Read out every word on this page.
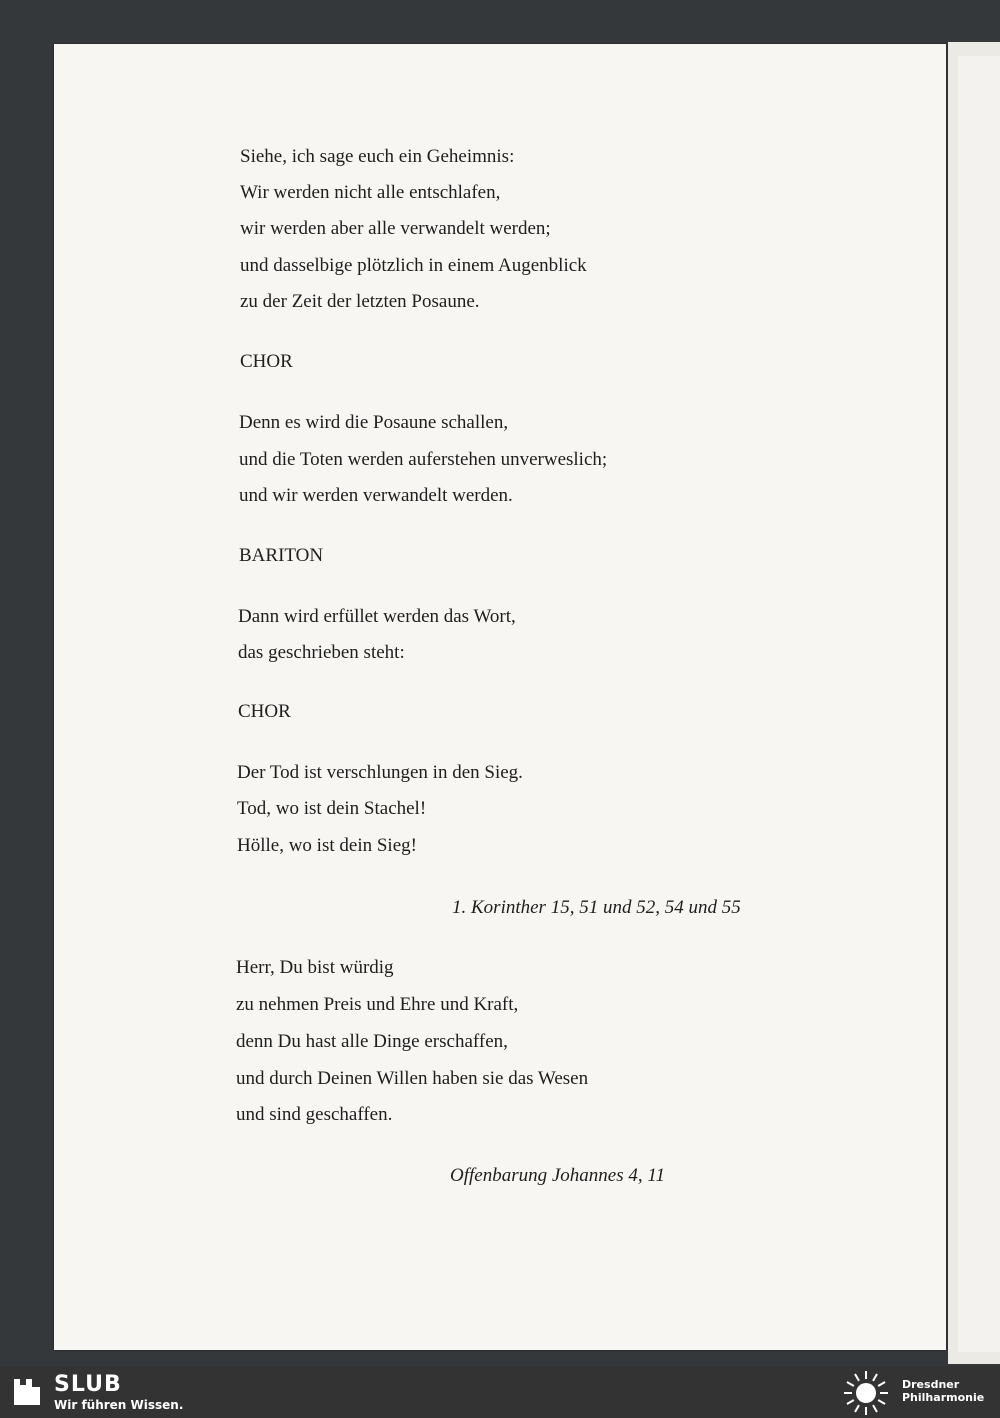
Siehe, ich sage euch ein Geheimnis:
Wir werden nicht alle entschlafen,
wir werden aber alle verwandelt werden;
und dasselbige plötzlich in einem Augenblick
zu der Zeit der letzten Posaune.
CHOR
Denn es wird die Posaune schallen,
und die Toten werden auferstehen unverweslich;
und wir werden verwandelt werden.
BARITON
Dann wird erfüllet werden das Wort,
das geschrieben steht:
CHOR
Der Tod ist verschlungen in den Sieg.
Tod, wo ist dein Stachel!
Hölle, wo ist dein Sieg!
1. Korinther 15, 51 und 52, 54 und 55
Herr, Du bist würdig
zu nehmen Preis und Ehre und Kraft,
denn Du hast alle Dinge erschaffen,
und durch Deinen Willen haben sie das Wesen
und sind geschaffen.
Offenbarung Johannes 4, 11
SLUB
Wir führen Wissen.
Dresdner
Philharmonie
